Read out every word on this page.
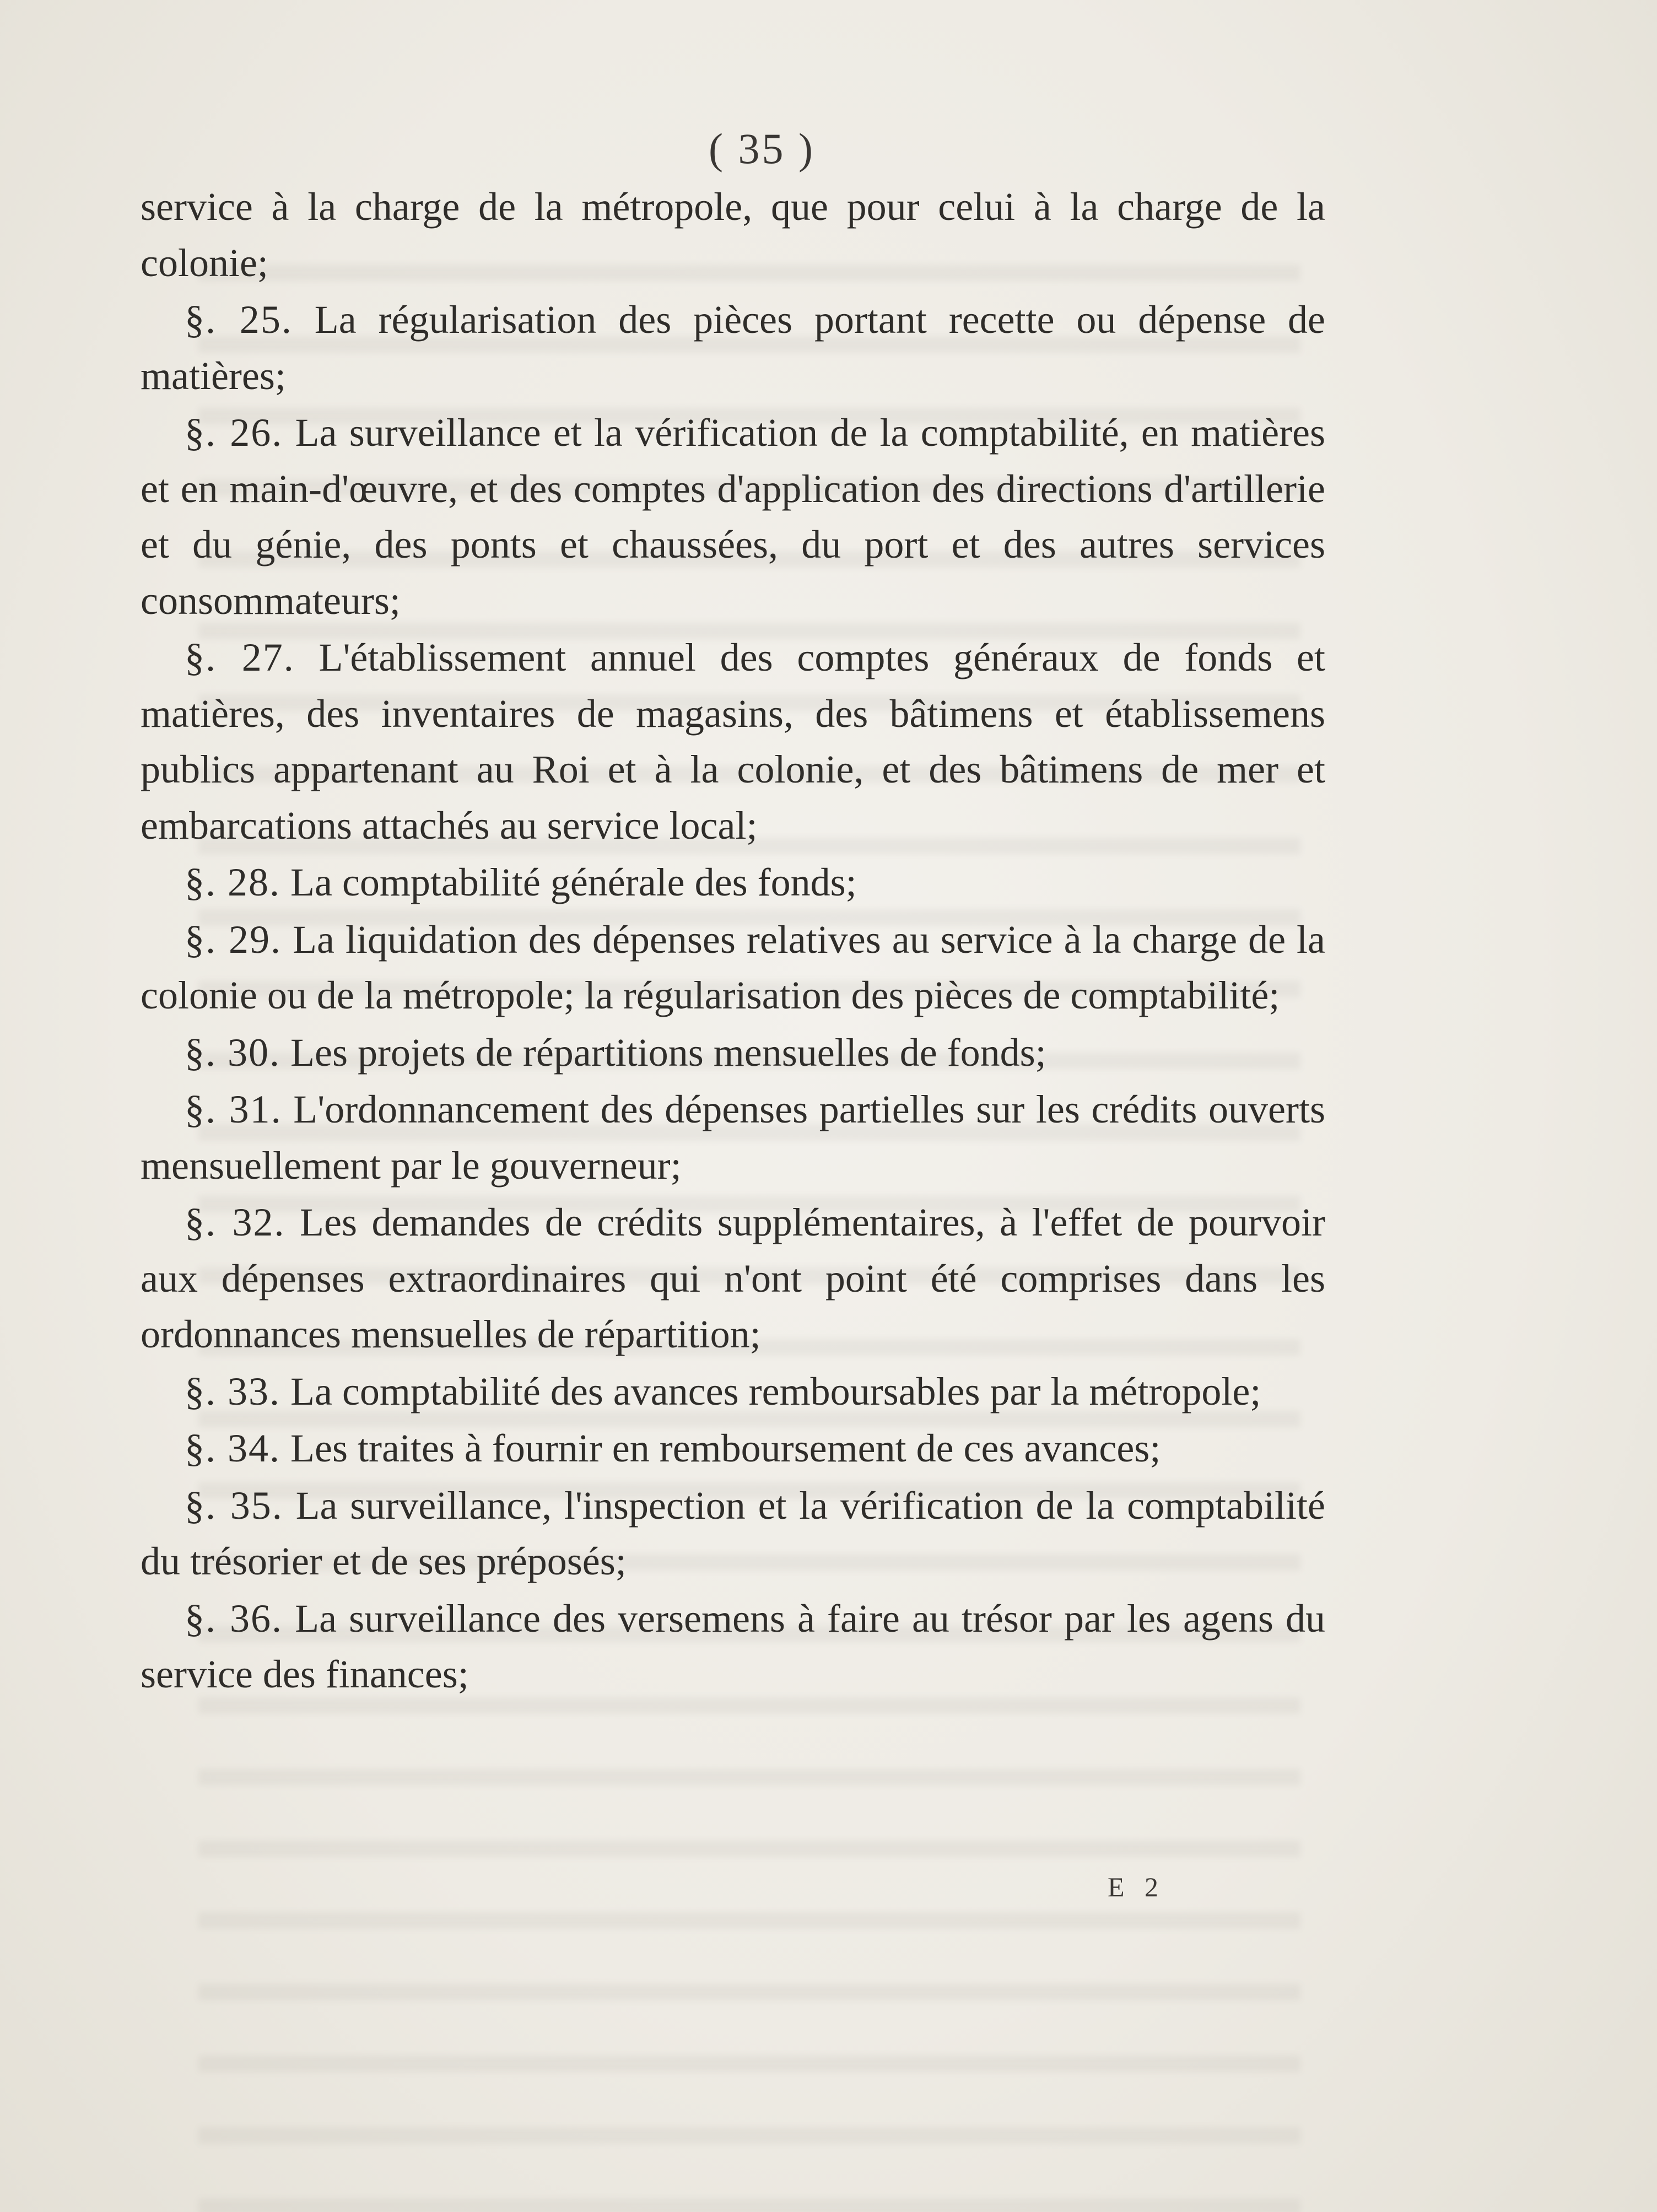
( 35 )

service à la charge de la métropole, que pour celui à la charge de la colonie;

§. 25. La régularisation des pièces portant recette ou dépense de matières;

§. 26. La surveillance et la vérification de la comptabilité, en matières et en main-d'œuvre, et des comptes d'application des directions d'artillerie et du génie, des ponts et chaussées, du port et des autres services consommateurs;

§. 27. L'établissement annuel des comptes généraux de fonds et matières, des inventaires de magasins, des bâtimens et établissemens publics appartenant au Roi et à la colonie, et des bâtimens de mer et embarcations attachés au service local;

§. 28. La comptabilité générale des fonds;

§. 29. La liquidation des dépenses relatives au service à la charge de la colonie ou de la métropole; la régularisation des pièces de comptabilité;

§. 30. Les projets de répartitions mensuelles de fonds;

§. 31. L'ordonnancement des dépenses partielles sur les crédits ouverts mensuellement par le gouverneur;

§. 32. Les demandes de crédits supplémentaires, à l'effet de pourvoir aux dépenses extraordinaires qui n'ont point été comprises dans les ordonnances mensuelles de répartition;

§. 33. La comptabilité des avances remboursables par la métropole;

§. 34. Les traites à fournir en remboursement de ces avances;

§. 35. La surveillance, l'inspection et la vérification de la comptabilité du trésorier et de ses préposés;

§. 36. La surveillance des versemens à faire au trésor par les agens du service des finances;

E 2
